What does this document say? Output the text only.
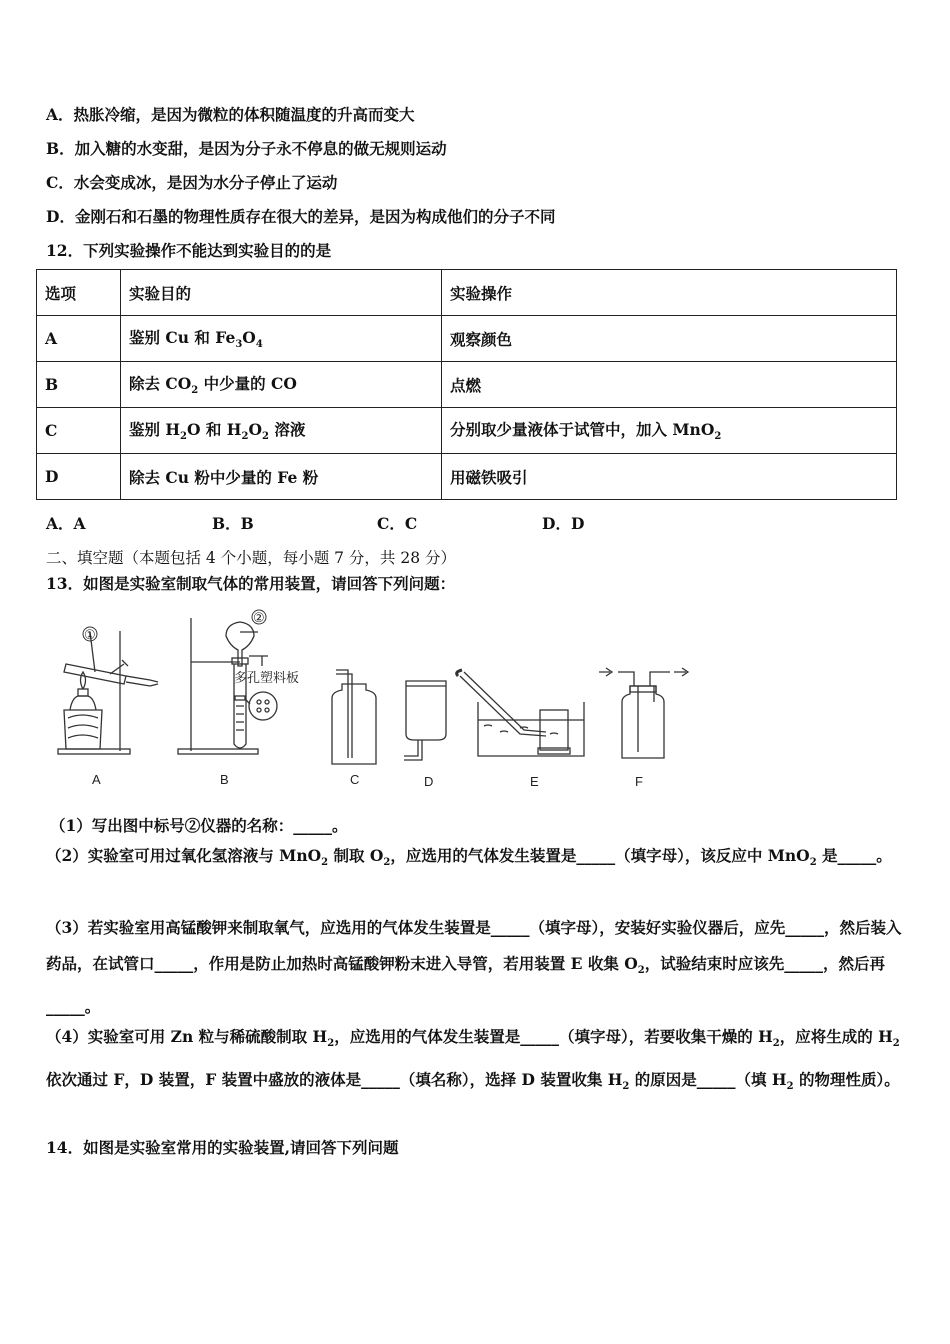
A．热胀冷缩，是因为微粒的体积随温度的升高而变大
B．加入糖的水变甜，是因为分子永不停息的做无规则运动
C．水会变成冰，是因为水分子停止了运动
D．金刚石和石墨的物理性质存在很大的差异，是因为构成他们的分子不同
12．下列实验操作不能达到实验目的的是
选项	实验目的	实验操作
A	鉴别 Cu 和 $Fe_3O_4$	观察颜色
B	除去 $CO_2$ 中少量的 CO	点燃
C	鉴别 $H_2O$ 和 $H_2O_2$ 溶液	分别取少量液体于试管中，加入 MnO$_2$
D	除去 Cu 粉中少量的 Fe 粉	用磁铁吸引
A．A	B．B	C．C	D．D
二、填空题（本题包括 4 个小题，每小题 7 分，共 28 分）
13．如图是实验室制取气体的常用装置，请回答下列问题：
①
②
多孔塑料板
A	B	C	D	E	F
（1）写出图中标号②仪器的名称：_____。
（2）实验室可用过氧化氢溶液与 MnO$_2$ 制取 $O_2$，应选用的气体发生装置是_____（填字母），该反应中 MnO$_2$ 是_____。
（3）若实验室用高锰酸钾来制取氧气，应选用的气体发生装置是_____（填字母），安装好实验仪器后，应先_____，然后装入药品，在试管口_____，作用是防止加热时高锰酸钾粉末进入导管，若用装置 E 收集 $O_2$，试验结束时应该先_____，然后再_____。
（4）实验室可用 Zn 粒与稀硫酸制取 $H_2$，应选用的气体发生装置是_____（填字母），若要收集干燥的 $H_2$，应将生成的 $H_2$ 依次通过 F，D 装置，F 装置中盛放的液体是_____（填名称），选择 D 装置收集 $H_2$ 的原因是_____（填 $H_2$ 的物理性质）。
14．如图是实验室常用的实验装置,请回答下列问题
